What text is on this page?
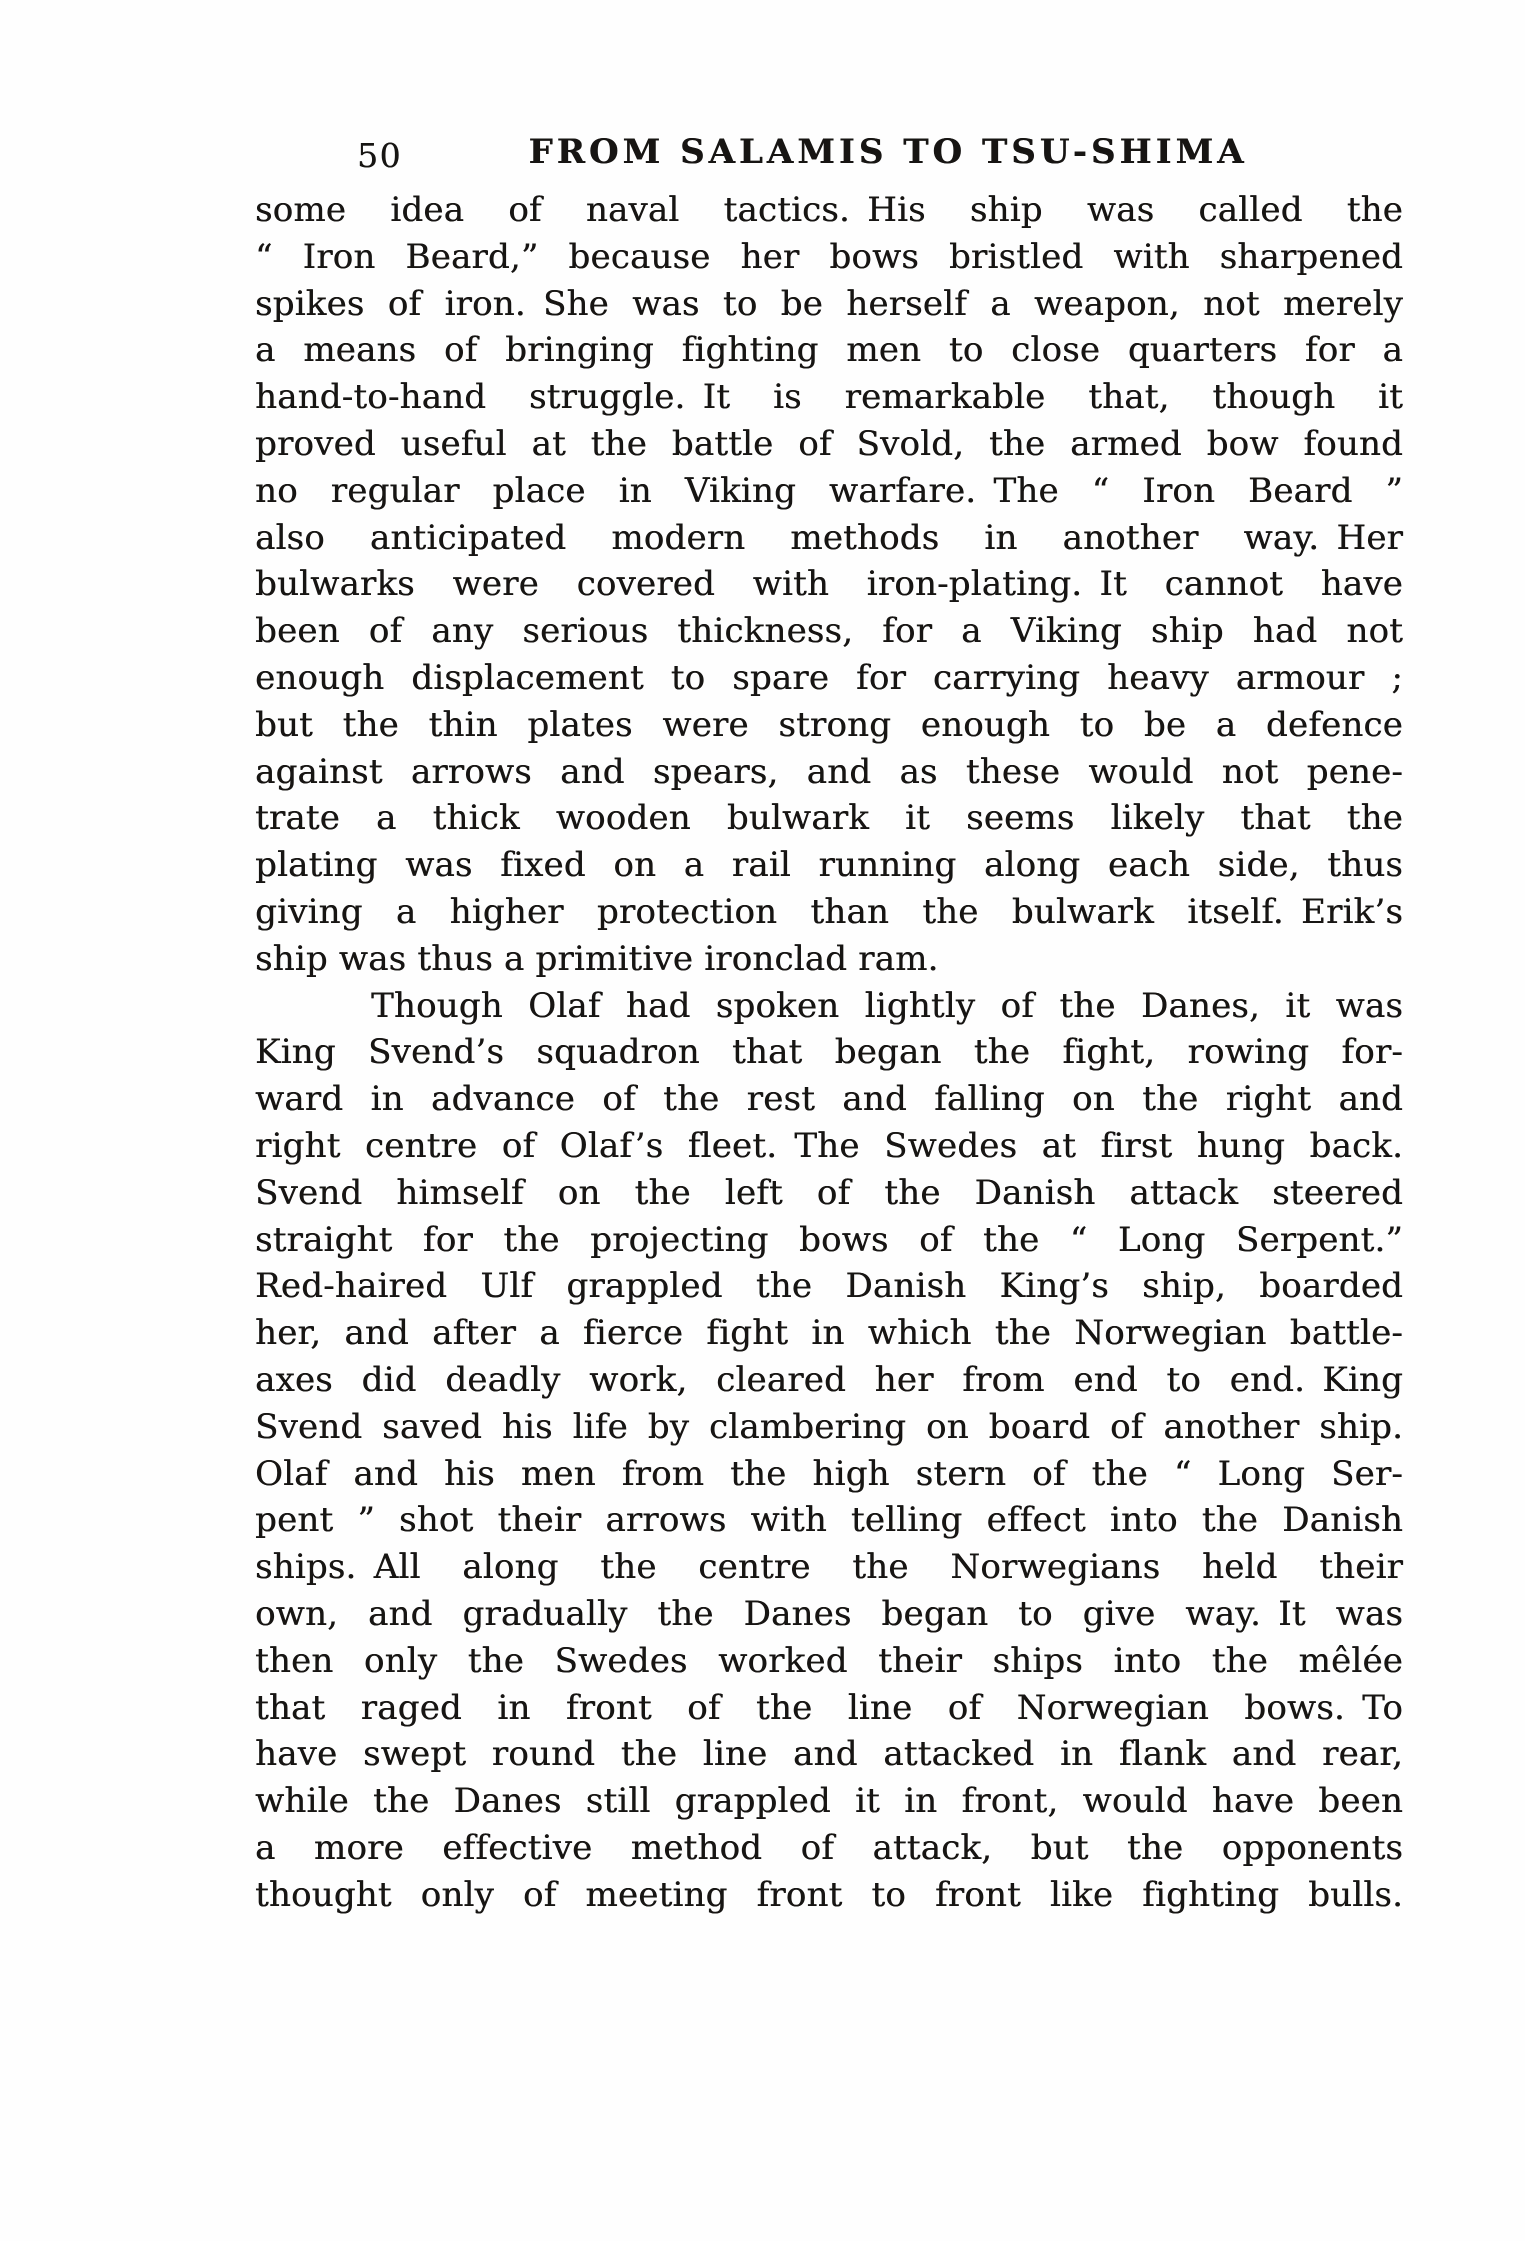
50	FROM SALAMIS TO TSU-SHIMA
some idea of naval tactics. His ship was called the
“ Iron Beard,” because her bows bristled with sharpened
spikes of iron. She was to be herself a weapon, not merely
a means of bringing fighting men to close quarters for a
hand-to-hand struggle. It is remarkable that, though it
proved useful at the battle of Svold, the armed bow found
no regular place in Viking warfare. The “ Iron Beard ”
also anticipated modern methods in another way. Her
bulwarks were covered with iron-plating. It cannot have
been of any serious thickness, for a Viking ship had not
enough displacement to spare for carrying heavy armour ;
but the thin plates were strong enough to be a defence
against arrows and spears, and as these would not pene-
trate a thick wooden bulwark it seems likely that the
plating was fixed on a rail running along each side, thus
giving a higher protection than the bulwark itself. Erik’s
ship was thus a primitive ironclad ram.
Though Olaf had spoken lightly of the Danes, it was
King Svend’s squadron that began the fight, rowing for-
ward in advance of the rest and falling on the right and
right centre of Olaf’s fleet. The Swedes at first hung back.
Svend himself on the left of the Danish attack steered
straight for the projecting bows of the “ Long Serpent.”
Red-haired Ulf grappled the Danish King’s ship, boarded
her, and after a fierce fight in which the Norwegian battle-
axes did deadly work, cleared her from end to end. King
Svend saved his life by clambering on board of another ship.
Olaf and his men from the high stern of the “ Long Ser-
pent ” shot their arrows with telling effect into the Danish
ships. All along the centre the Norwegians held their
own, and gradually the Danes began to give way. It was
then only the Swedes worked their ships into the mêlée
that raged in front of the line of Norwegian bows. To
have swept round the line and attacked in flank and rear,
while the Danes still grappled it in front, would have been
a more effective method of attack, but the opponents
thought only of meeting front to front like fighting bulls.
